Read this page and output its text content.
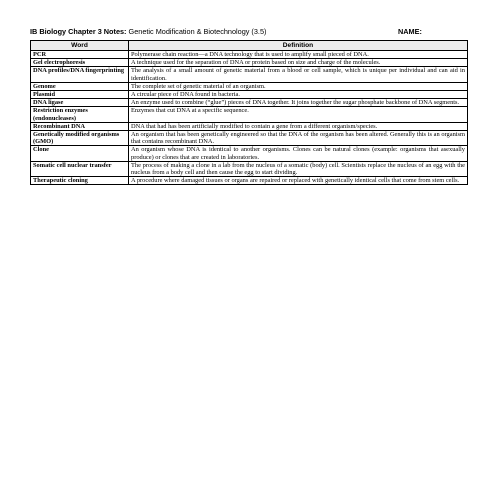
IB Biology Chapter 3 Notes: Genetic Modification & Biotechnology (3.5)	NAME:
Word	Definition
PCR	Polymerase chain reaction—a DNA technology that is used to amplify small pieced of DNA.
Gel electrophoresis	A technique used for the separation of DNA or protein based on size and charge of the molecules.
DNA profiles/DNA fingerprinting	The analysis of a small amount of genetic material from a blood or cell sample, which is unique per individual and can aid in identification.
Genome	The complete set of genetic material of an organism.
Plasmid	A circular piece of DNA found in bacteria.
DNA ligase	An enzyme used to combine (“glue”) pieces of DNA together. It joins together the sugar phosphate backbone of DNA segments.
Restriction enzymes (endonucleases)	Enzymes that cut DNA at a specific sequence.
Recombinant DNA	DNA that had has been artificially modified to contain a gene from a different organism/species.
Genetically modified organisms (GMO)	An organism that has been genetically engineered so that the DNA of the organism has been altered. Generally this is an organism that contains recombinant DNA.
Clone	An organism whose DNA is identical to another organisms. Clones can be natural clones (example: organisms that asexually produce) or clones that are created in laboratories.
Somatic cell nuclear transfer	The process of making a clone in a lab from the nucleus of a somatic (body) cell. Scientists replace the nucleus of an egg with the nucleus from a body cell and then cause the egg to start dividing.
Therapeutic cloning	A procedure where damaged tissues or organs are repaired or replaced with genetically identical cells that come from stem cells.
